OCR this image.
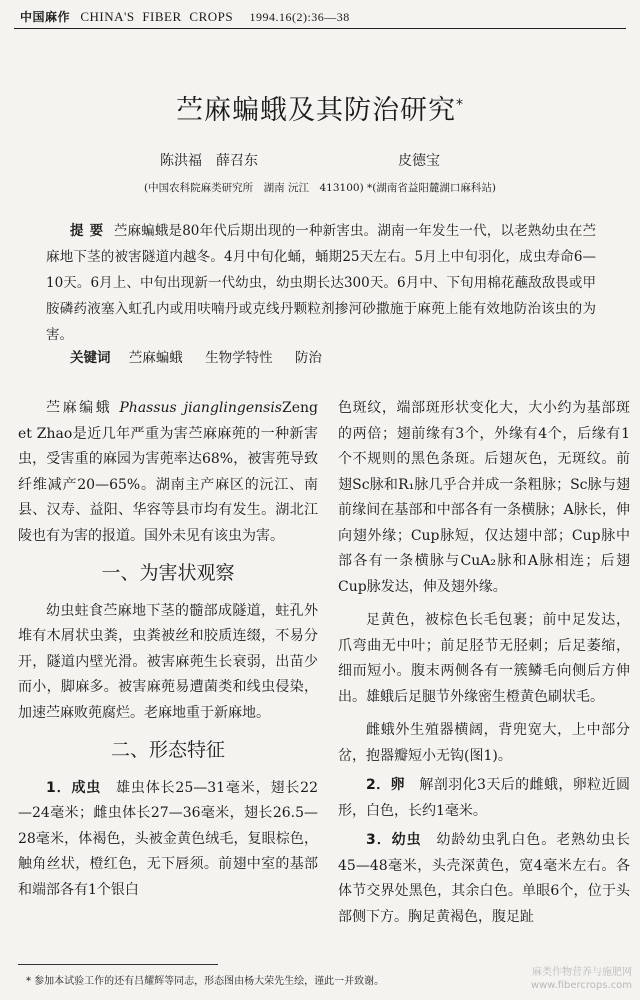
中国麻作 CHINA'S FIBER CROPS 1994.16(2):36—38
苎麻蝙蛾及其防治研究*
陈洪福　薛召东	皮德宝
(中国农科院麻类研究所　湖南 沅江　413100) *(湖南省益阳麓湖口麻科站)
提要 苎麻蝙蛾是80年代后期出现的一种新害虫。湖南一年发生一代，以老熟幼虫在苎麻地下茎的被害隧道内越冬。4月中旬化蛹，蛹期25天左右。5月上中旬羽化，成虫寿命6—10天。6月上、中旬出现新一代幼虫，幼虫期长达300天。6月中、下旬用棉花蘸敌敌畏或甲胺磷药液塞入虹孔内或用呋喃丹或克线丹颗粒剂掺河砂撒施于麻蔸上能有效地防治该虫的为害。
关键词 苎麻蝙蛾 生物学特性 防治

苎麻编蛾 Phassus jianglingensisZeng et Zhao是近几年严重为害苎麻麻蔸的一种新害虫，受害重的麻园为害蔸率达68%，被害蔸导致纤维减产20—65%。湖南主产麻区的沅江、南县、汉寿、益阳、华容等县市均有发生。湖北江陵也有为害的报道。国外未见有该虫为害。

一、为害状观察

幼虫蛀食苎麻地下茎的髓部成隧道，蛀孔外堆有木屑状虫粪，虫粪被丝和胶质连缀，不易分开，隧道内壁光滑。被害麻蔸生长衰弱，出苗少而小，脚麻多。被害麻蔸易遭菌类和线虫侵染，加速苎麻败蔸腐烂。老麻地重于新麻地。

二、形态特征

1．成虫　 雄虫体长25—31毫米，翅长22—24毫米；雌虫体长27—36毫米，翅长26.5—28毫米，体褐色，头被金黄色绒毛，复眼棕色，触角丝状，橙红色，无下唇须。前翅中室的基部和端部各有1个银白

色斑纹，端部斑形状变化大，大小约为基部斑的两倍；翅前缘有3个，外缘有4个，后缘有1个不规则的黑色条斑。后翅灰色，无斑纹。前翅Sc脉和R₁脉几乎合并成一条粗脉；Sc脉与翅前缘间在基部和中部各有一条横脉；A脉长，伸向翅外缘；Cup脉短，仅达翅中部；Cup脉中部各有一条横脉与CuA₂脉和A脉相连；后翅Cup脉发达，伸及翅外缘。

足黄色，被棕色长毛包裹；前中足发达，爪弯曲无中叶；前足胫节无胫刺；后足萎缩，细而短小。腹末两侧各有一簇鳞毛向侧后方伸出。雄蛾后足腿节外缘密生橙黄色刷状毛。

雌蛾外生殖器横阔，背兜宽大，上中部分岔，抱器瓣短小无钩(图1)。

2．卵　 解剖羽化3天后的雌蛾，卵粒近圆形，白色，长约1毫米。

3．幼虫　 幼龄幼虫乳白色。老熟幼虫长45—48毫米，头壳深黄色，宽4毫米左右。各体节交界处黑色，其余白色。单眼6个，位于头部侧下方。胸足黄褐色，腹足趾

* 参加本试验工作的还有吕耀辉等同志，形态图由杨大荣先生绘，谨此一并致谢。
麻类作物营养与施肥网
www.fibercrops.com
